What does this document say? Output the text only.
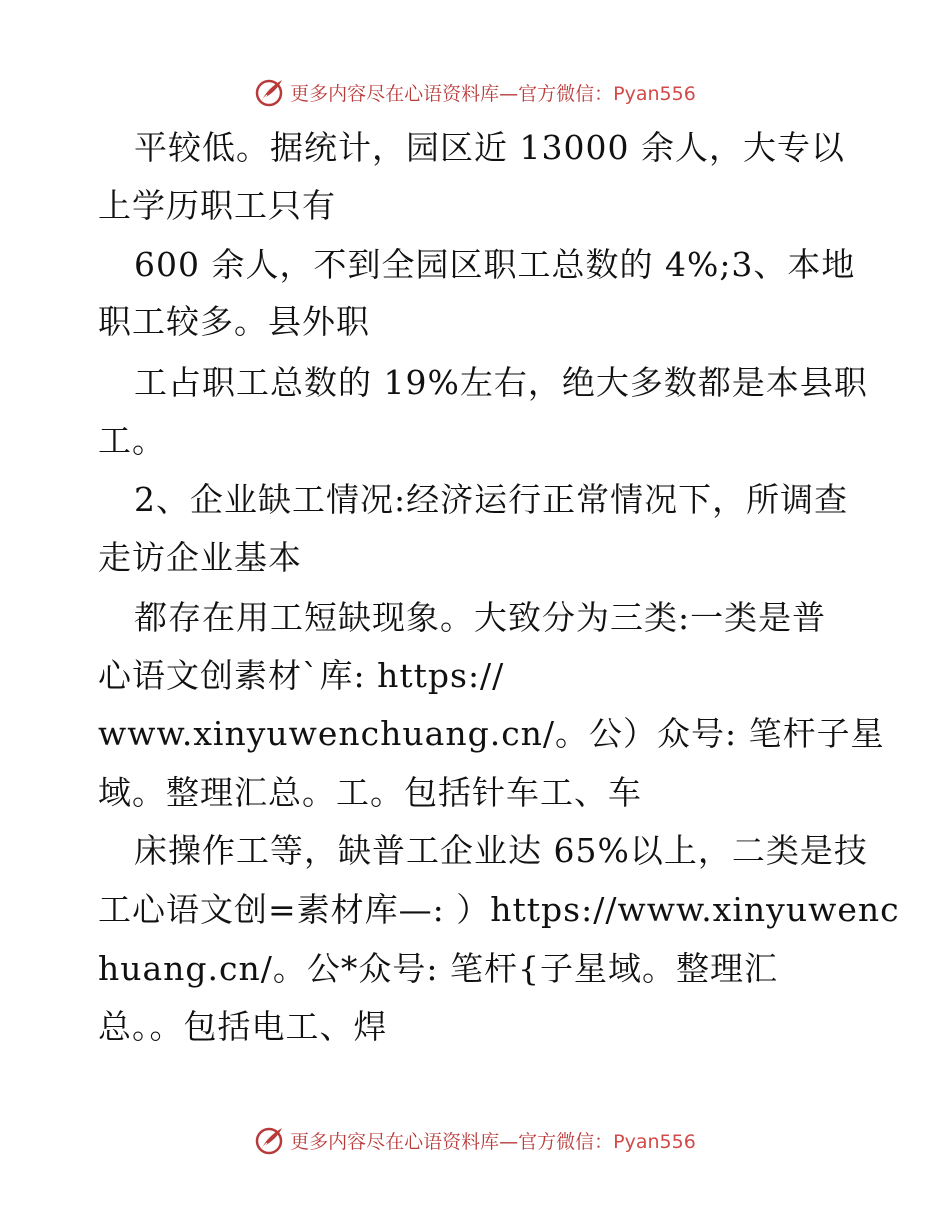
更多内容尽在心语资料库—官方微信：Pyan556
平较低。据统计，园区近 13000 余人，大专以
上学历职工只有
600 余人，不到全园区职工总数的 4%;3、本地
职工较多。县外职
工占职工总数的 19%左右，绝大多数都是本县职
工。
2、企业缺工情况:经济运行正常情况下，所调查
走访企业基本
都存在用工短缺现象。大致分为三类:一类是普
心语文创素材`库: https://
www.xinyuwenchuang.cn/。公）众号: 笔杆子星
域。整理汇总。工。包括针车工、车
床操作工等，缺普工企业达 65%以上，二类是技
工心语文创=素材库—: ）https://www.xinyuwenc
huang.cn/。公*众号: 笔杆{子星域。整理汇
总。。包括电工、焊
更多内容尽在心语资料库—官方微信：Pyan556
